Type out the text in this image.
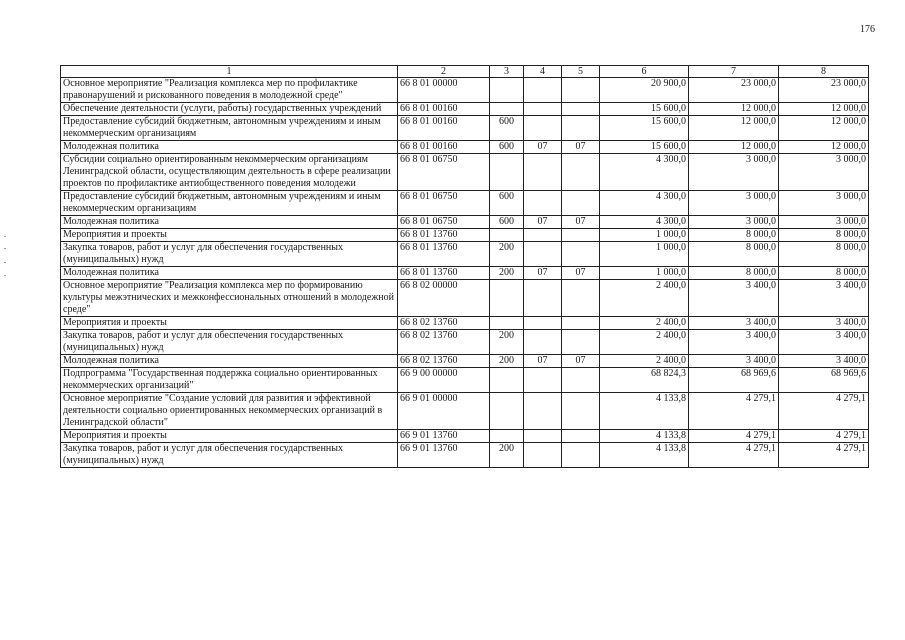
176
1	2	3	4	5	6	7	8
Основное мероприятие "Реализация комплекса мер по профилактике правонарушений и рискованного поведения в молодежной среде"	66 8 01 00000				20 900,0	23 000,0	23 000,0
Обеспечение деятельности (услуги, работы) государственных учреждений	66 8 01 00160				15 600,0	12 000,0	12 000,0
Предоставление субсидий бюджетным, автономным учреждениям и иным некоммерческим организациям	66 8 01 00160	600			15 600,0	12 000,0	12 000,0
Молодежная политика	66 8 01 00160	600	07	07	15 600,0	12 000,0	12 000,0
Субсидии социально ориентированным некоммерческим организациям Ленинградской области, осуществляющим деятельность в сфере реализации проектов по профилактике антиобщественного поведения молодежи	66 8 01 06750				4 300,0	3 000,0	3 000,0
Предоставление субсидий бюджетным, автономным учреждениям и иным некоммерческим организациям	66 8 01 06750	600			4 300,0	3 000,0	3 000,0
Молодежная политика	66 8 01 06750	600	07	07	4 300,0	3 000,0	3 000,0
Мероприятия и проекты	66 8 01 13760				1 000,0	8 000,0	8 000,0
Закупка товаров, работ и услуг для обеспечения государственных (муниципальных) нужд	66 8 01 13760	200			1 000,0	8 000,0	8 000,0
Молодежная политика	66 8 01 13760	200	07	07	1 000,0	8 000,0	8 000,0
Основное мероприятие "Реализация комплекса мер по формированию культуры межэтнических и межконфессиональных отношений в молодежной среде"	66 8 02 00000				2 400,0	3 400,0	3 400,0
Мероприятия и проекты	66 8 02 13760				2 400,0	3 400,0	3 400,0
Закупка товаров, работ и услуг для обеспечения государственных (муниципальных) нужд	66 8 02 13760	200			2 400,0	3 400,0	3 400,0
Молодежная политика	66 8 02 13760	200	07	07	2 400,0	3 400,0	3 400,0
Подпрограмма "Государственная поддержка социально ориентированных некоммерческих организаций"	66 9 00 00000				68 824,3	68 969,6	68 969,6
Основное мероприятие "Создание условий для развития и эффективной деятельности социально ориентированных некоммерческих организаций в Ленинградской области"	66 9 01 00000				4 133,8	4 279,1	4 279,1
Мероприятия и проекты	66 9 01 13760				4 133,8	4 279,1	4 279,1
Закупка товаров, работ и услуг для обеспечения государственных (муниципальных) нужд	66 9 01 13760	200			4 133,8	4 279,1	4 279,1
